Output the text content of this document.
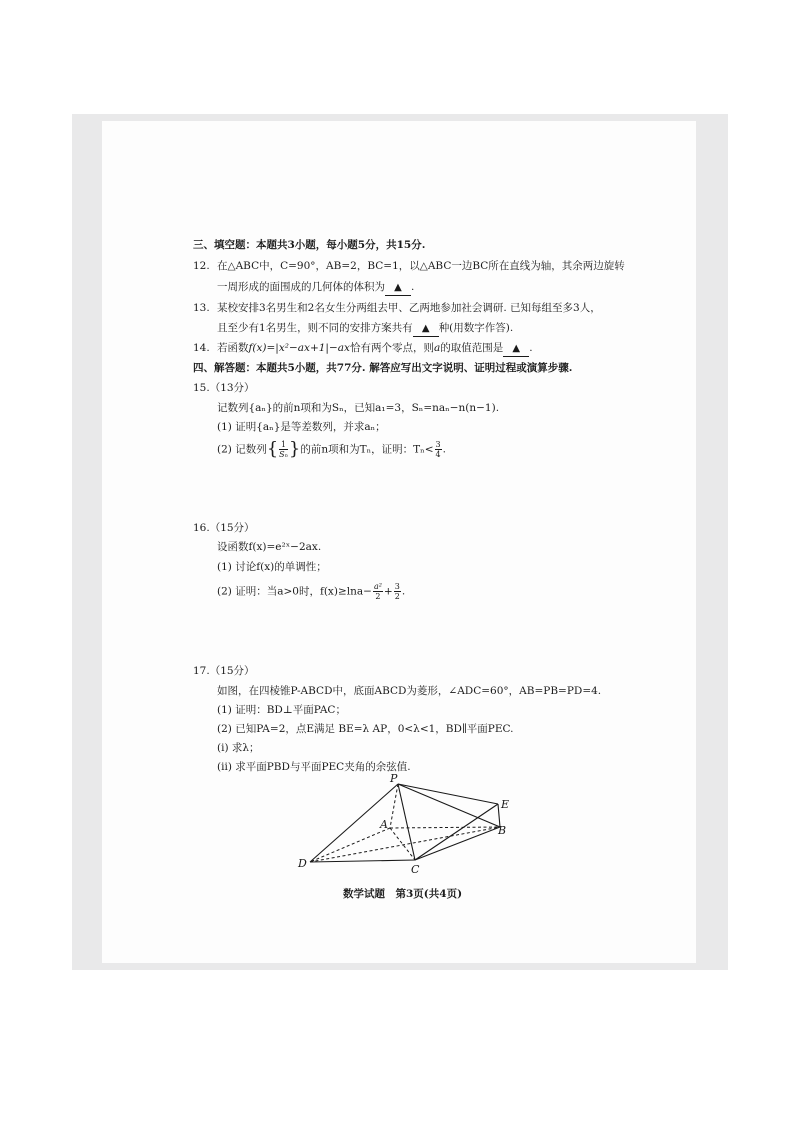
三、填空题：本题共3小题，每小题5分，共15分.
12. 在△ABC中，C=90°，AB=2，BC=1，以△ABC一边BC所在直线为轴，其余两边旋转
一周形成的面围成的几何体的体积为 ▲ .
13. 某校安排3名男生和2名女生分两组去甲、乙两地参加社会调研. 已知每组至多3人，
且至少有1名男生，则不同的安排方案共有 ▲ 种(用数字作答).
14. 若函数f(x)=|x²−ax+1|−ax恰有两个零点，则a的取值范围是 ▲ .
四、解答题：本题共5小题，共77分. 解答应写出文字说明、证明过程或演算步骤.
15.（13分）
记数列{aₙ}的前n项和为Sₙ，已知a₁=3，Sₙ=naₙ−n(n−1).
(1) 证明{aₙ}是等差数列，并求aₙ；
(2) 记数列{ $\frac{1}{\text{Sₙ}}$ }的前n项和为Tₙ，证明：$T_n< \frac{3}{4}$ .
16.（15分）
设函数f(x)=e²ˣ−2ax.
(1) 讨论f(x)的单调性；
(2) 证明：当a>0时，$f(x)\ge\ln a- \frac{\text{a²}}{2} + \frac{3}{2}$ .
17.（15分）
如图，在四棱锥P-ABCD中，底面ABCD为菱形，∠ADC=60°，AB=PB=PD=4.
(1) 证明：BD⊥平面PAC；
(2) 已知PA=2，点E满足 BE=λ AP，0<λ<1，BD∥平面PEC.
(i) 求λ；
(ii) 求平面PBD与平面PEC夹角的余弦值.
P
E
A	B
D	C
数学试题　第3页(共4页)
